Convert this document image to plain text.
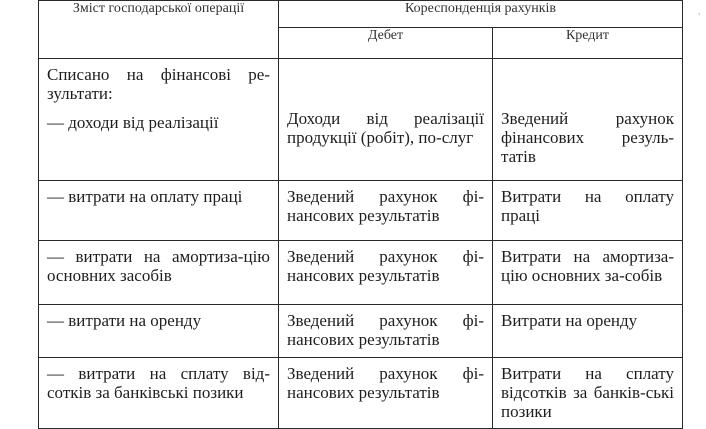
Зміст господарської операції	Кореспонденція рахунків	
	Дебет	Кредит

Списано на фінансові ре-зультати:
— доходи від реалізації	Доходи від реалізації продукції (робіт), по-слуг	Зведений рахунок фінансових резуль-татів

— витрати на оплату праці	Зведений рахунок фі-нансових результатів	Витрати на оплату праці
— витрати на амортиза-цію основних засобів	Зведений рахунок фі-нансових результатів	Витрати на амортиза-цію основних за-собів
— витрати на оренду	Зведений рахунок фі-нансових результатів	Витрати на оренду
— витрати на сплату від-сотків за банківські позики	Зведений рахунок фі-нансових результатів	Витрати на сплату відсотків за банків-ські позики
'
